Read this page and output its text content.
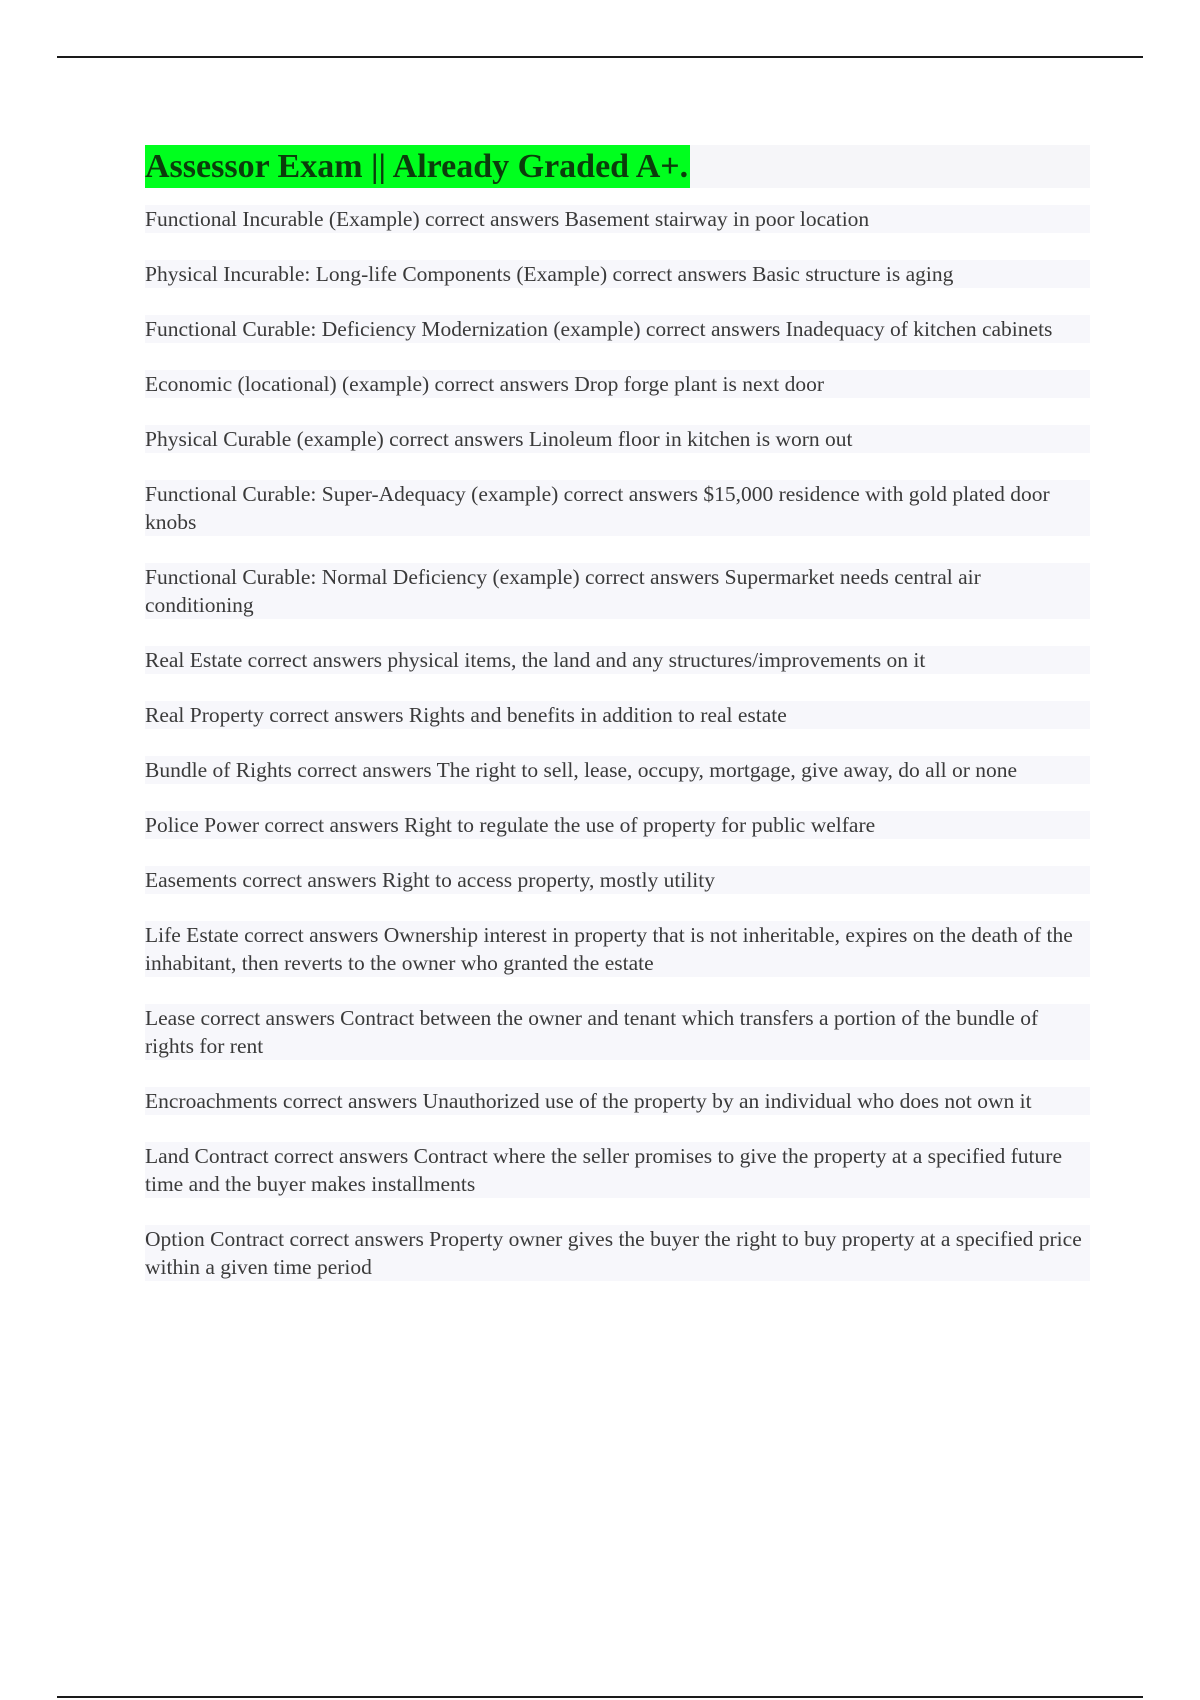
Assessor Exam || Already Graded A+.
Functional Incurable (Example) correct answers Basement stairway in poor location
Physical Incurable: Long-life Components (Example) correct answers Basic structure is aging
Functional Curable: Deficiency Modernization (example) correct answers Inadequacy of kitchen cabinets
Economic (locational) (example) correct answers Drop forge plant is next door
Physical Curable (example) correct answers Linoleum floor in kitchen is worn out
Functional Curable: Super-Adequacy (example) correct answers $15,000 residence with gold plated door knobs
Functional Curable: Normal Deficiency (example) correct answers Supermarket needs central air conditioning
Real Estate correct answers physical items, the land and any structures/improvements on it
Real Property correct answers Rights and benefits in addition to real estate
Bundle of Rights correct answers The right to sell, lease, occupy, mortgage, give away, do all or none
Police Power correct answers Right to regulate the use of property for public welfare
Easements correct answers Right to access property, mostly utility
Life Estate correct answers Ownership interest in property that is not inheritable, expires on the death of the inhabitant, then reverts to the owner who granted the estate
Lease correct answers Contract between the owner and tenant which transfers a portion of the bundle of rights for rent
Encroachments correct answers Unauthorized use of the property by an individual who does not own it
Land Contract correct answers Contract where the seller promises to give the property at a specified future time and the buyer makes installments
Option Contract correct answers Property owner gives the buyer the right to buy property at a specified price within a given time period
